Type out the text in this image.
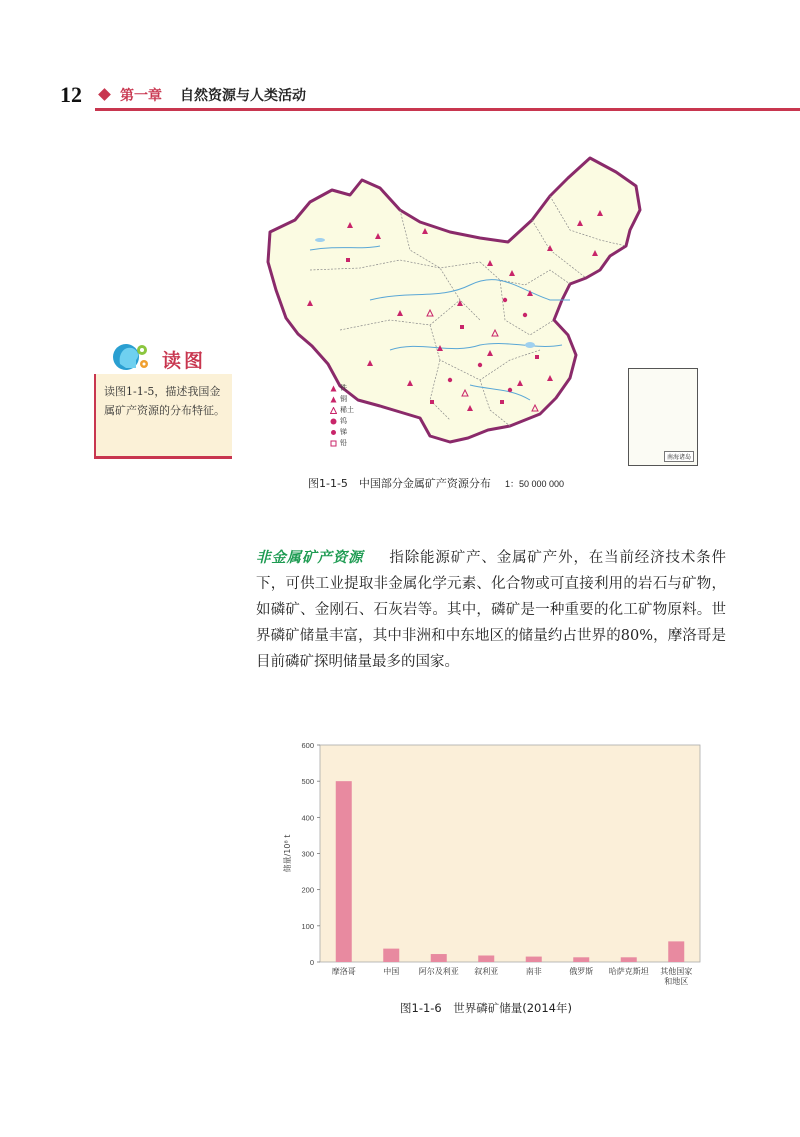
12	第一章 自然资源与人类活动
南海诸岛
铁
铜
稀土
钨
锑
铅
图1-1-5　中国部分金属矿产资源分布 1：50 000 000
读图
读图1-1-5，描述我国金属矿产资源的分布特征。
非金属矿产资源 指除能源矿产、金属矿产外，在当前经济技术条件下，可供工业提取非金属化学元素、化合物或可直接利用的岩石与矿物，如磷矿、金刚石、石灰岩等。其中，磷矿是一种重要的化工矿物原料。世界磷矿储量丰富，其中非洲和中东地区的储量约占世界的80%，摩洛哥是目前磷矿探明储量最多的国家。
0
100
200
300
400
500
600
储量/10⁸ t
摩洛哥	中国 阿尔及利亚 叙利亚	南非	俄罗斯 哈萨克斯坦 其他国家
和地区
图1-1-6　世界磷矿储量(2014年)
